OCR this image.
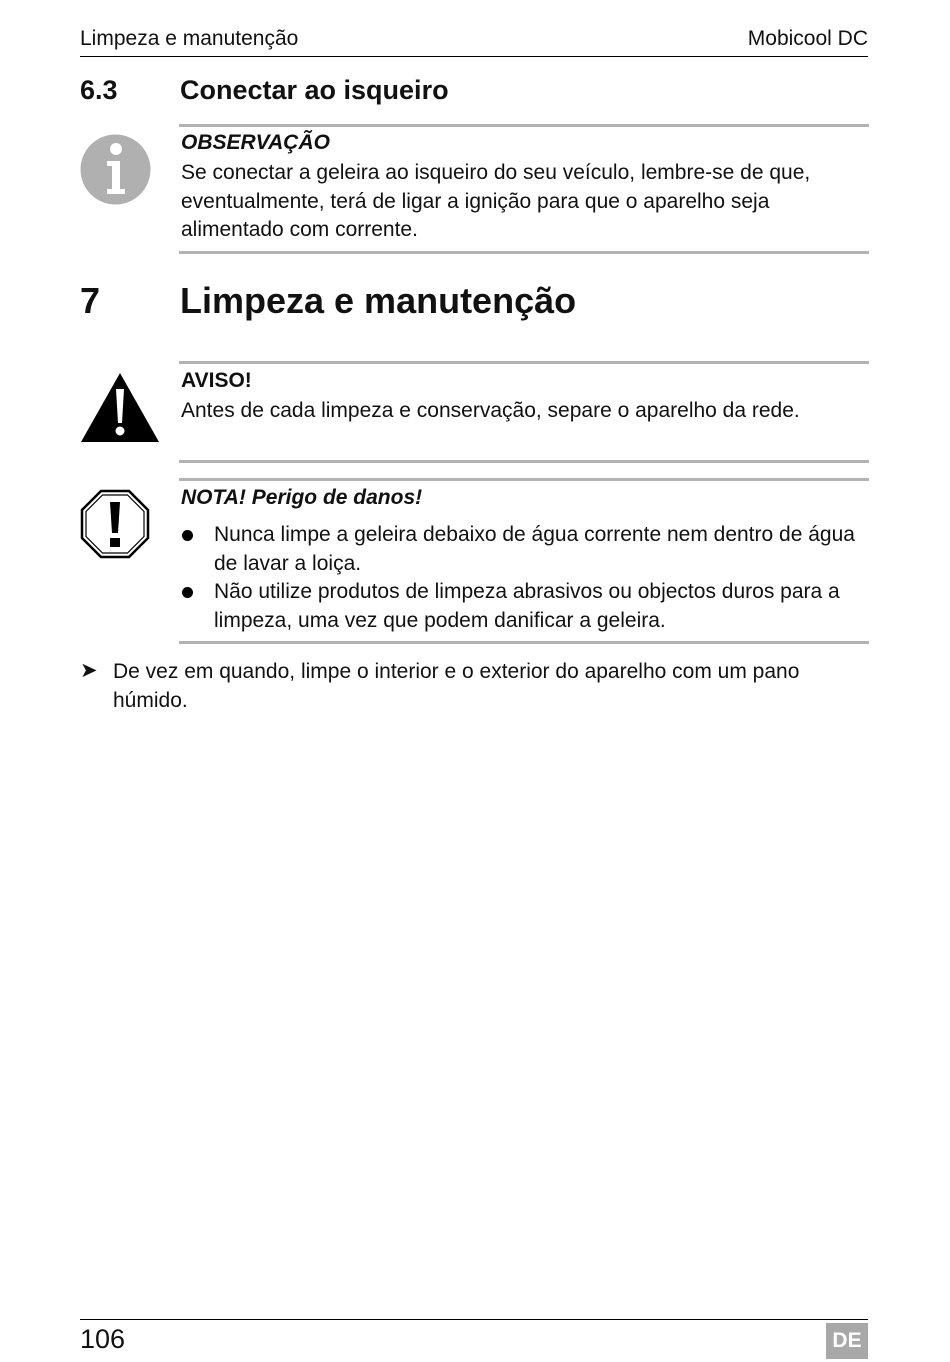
Limpeza e manutenção	Mobicool DC
6.3 Conectar ao isqueiro
OBSERVAÇÃO
Se conectar a geleira ao isqueiro do seu veículo, lembre-se de que, eventualmente, terá de ligar a ignição para que o aparelho seja alimentado com corrente.
7 Limpeza e manutenção
AVISO!
Antes de cada limpeza e conservação, separe o aparelho da rede.
NOTA! Perigo de danos!
Nunca limpe a geleira debaixo de água corrente nem dentro de água de lavar a loiça.
Não utilize produtos de limpeza abrasivos ou objectos duros para a limpeza, uma vez que podem danificar a geleira.
➤ De vez em quando, limpe o interior e o exterior do aparelho com um pano húmido.
106	DE
